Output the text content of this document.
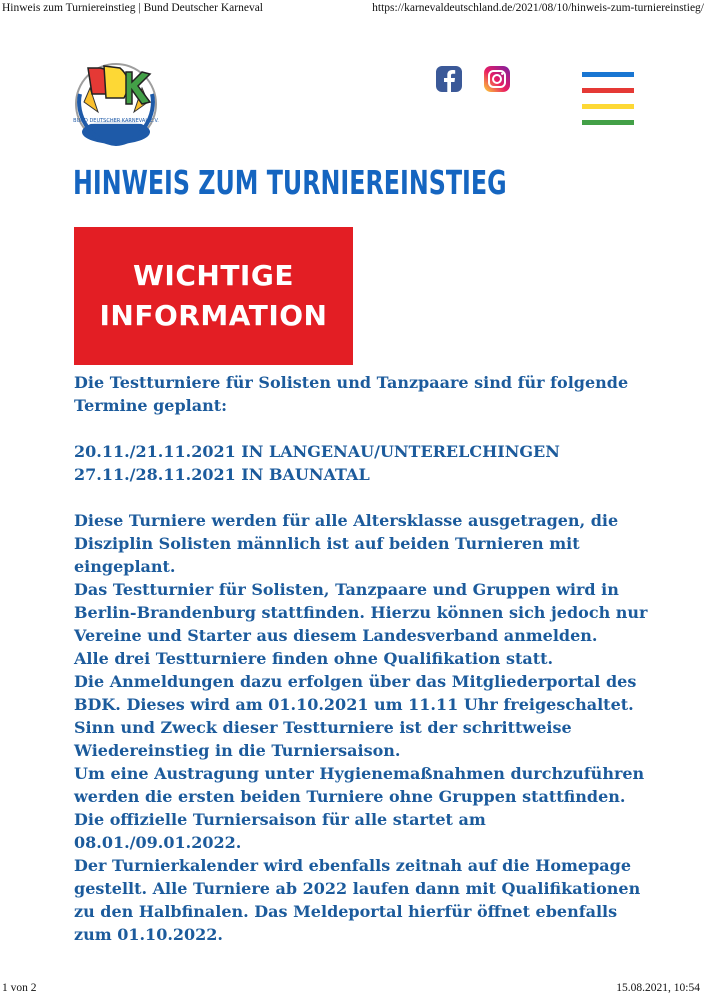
Hinweis zum Turniereinstieg | Bund Deutscher Karneval	https://karnevaldeutschland.de/2021/08/10/hinweis-zum-turniereinstieg/
BUND DEUTSCHER KARNEVAL E.V.
HINWEIS ZUM TURNIEREINSTIEG
WICHTIGE
INFORMATION

Die Testturniere für Solisten und Tanzpaare sind für folgende

Termine geplant:

20.11./21.11.2021 IN LANGENAU/UNTERELCHINGEN

27.11./28.11.2021 IN BAUNATAL

Diese Turniere werden für alle Altersklasse ausgetragen, die

Disziplin Solisten männlich ist auf beiden Turnieren mit

eingeplant.

Das Testturnier für Solisten, Tanzpaare und Gruppen wird in

Berlin-Brandenburg stattfinden. Hierzu können sich jedoch nur

Vereine und Starter aus diesem Landesverband anmelden.

Alle drei Testturniere finden ohne Qualifikation statt.

Die Anmeldungen dazu erfolgen über das Mitgliederportal des

BDK. Dieses wird am 01.10.2021 um 11.11 Uhr freigeschaltet.

Sinn und Zweck dieser Testturniere ist der schrittweise

Wiedereinstieg in die Turniersaison.

Um eine Austragung unter Hygienemaßnahmen durchzuführen

werden die ersten beiden Turniere ohne Gruppen stattfinden.

Die offizielle Turniersaison für alle startet am 08.01./09.01.2022.

Der Turnierkalender wird ebenfalls zeitnah auf die Homepage

gestellt. Alle Turniere ab 2022 laufen dann mit Qualifikationen

zu den Halbfinalen. Das Meldeportal hierfür öffnet ebenfalls

zum 01.10.2022.

1 von 2	15.08.2021, 10:54
